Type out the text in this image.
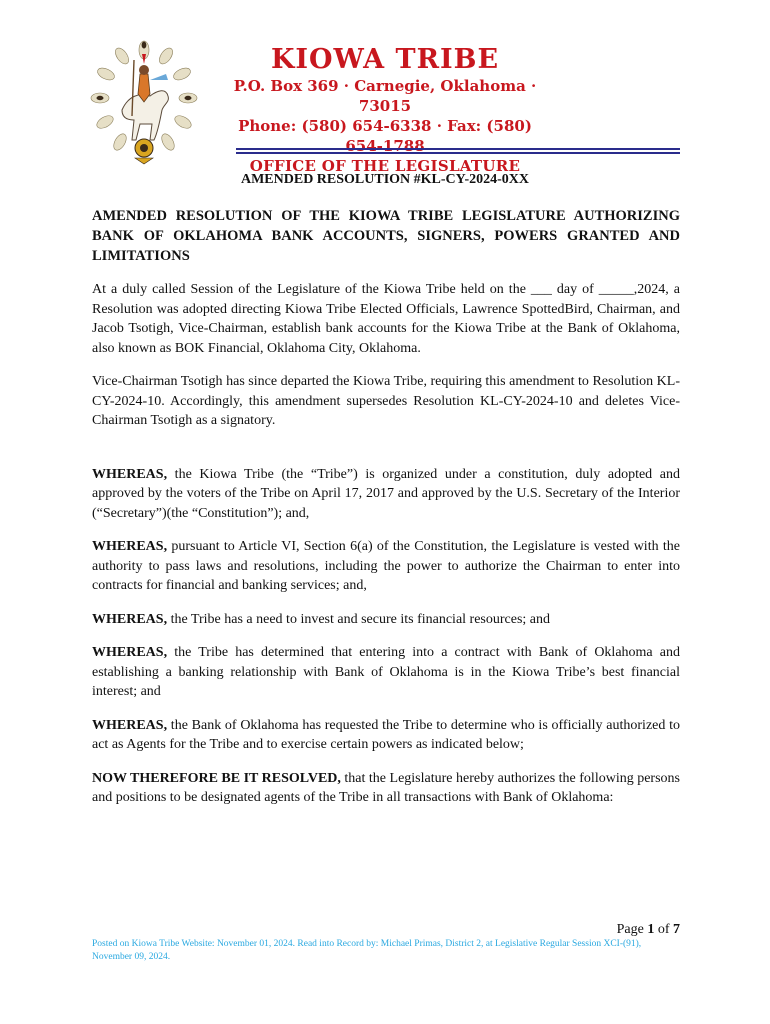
KIOWA TRIBE
P.O. Box 369 · Carnegie, Oklahoma · 73015
Phone: (580) 654-6338 · Fax: (580) 654-1788
OFFICE OF THE LEGISLATURE
AMENDED RESOLUTION #KL-CY-2024-0XX

AMENDED RESOLUTION OF THE KIOWA TRIBE LEGISLATURE AUTHORIZING BANK OF OKLAHOMA BANK ACCOUNTS, SIGNERS, POWERS GRANTED AND LIMITATIONS

At a duly called Session of the Legislature of the Kiowa Tribe held on the ___ day of _____,2024, a Resolution was adopted directing Kiowa Tribe Elected Officials, Lawrence SpottedBird, Chairman, and Jacob Tsotigh, Vice-Chairman, establish bank accounts for the Kiowa Tribe at the Bank of Oklahoma, also known as BOK Financial, Oklahoma City, Oklahoma.

Vice-Chairman Tsotigh has since departed the Kiowa Tribe, requiring this amendment to Resolution KL-CY-2024-10. Accordingly, this amendment supersedes Resolution KL-CY-2024-10 and deletes Vice-Chairman Tsotigh as a signatory.

WHEREAS, the Kiowa Tribe (the “Tribe”) is organized under a constitution, duly adopted and approved by the voters of the Tribe on April 17, 2017 and approved by the U.S. Secretary of the Interior (“Secretary”)(the “Constitution”); and,

WHEREAS, pursuant to Article VI, Section 6(a) of the Constitution, the Legislature is vested with the authority to pass laws and resolutions, including the power to authorize the Chairman to enter into contracts for financial and banking services; and,

WHEREAS, the Tribe has a need to invest and secure its financial resources; and

WHEREAS, the Tribe has determined that entering into a contract with Bank of Oklahoma and establishing a banking relationship with Bank of Oklahoma is in the Kiowa Tribe’s best financial interest; and

WHEREAS, the Bank of Oklahoma has requested the Tribe to determine who is officially authorized to act as Agents for the Tribe and to exercise certain powers as indicated below;

NOW THEREFORE BE IT RESOLVED, that the Legislature hereby authorizes the following persons and positions to be designated agents of the Tribe in all transactions with Bank of Oklahoma:

Page 1 of 7
Posted on Kiowa Tribe Website: November 01, 2024. Read into Record by: Michael Primas, District 2, at Legislative Regular Session XCI-(91), November 09, 2024.
